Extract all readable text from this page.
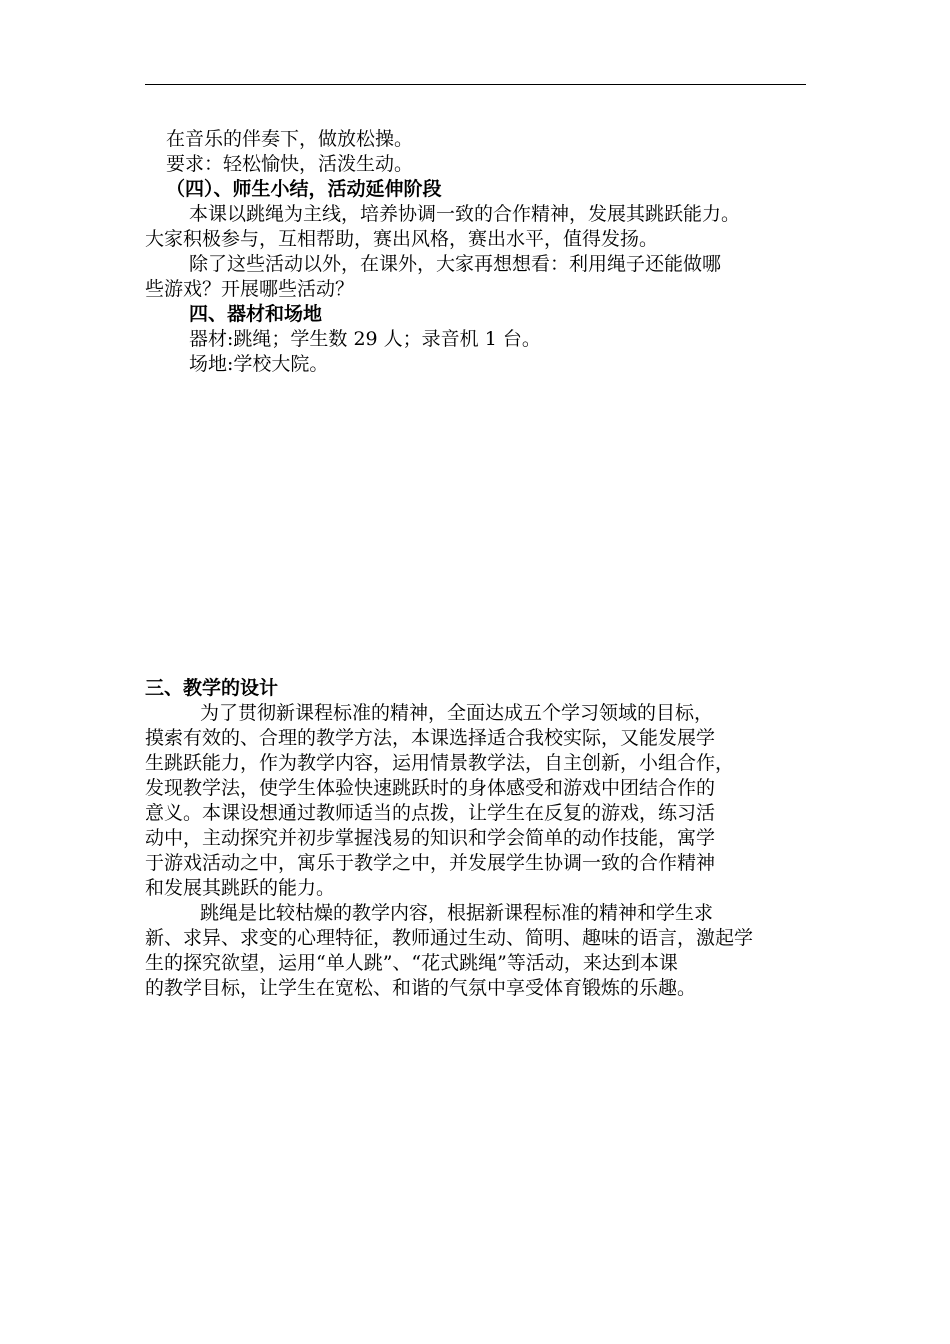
在音乐的伴奏下，做放松操。
要求：轻松愉快，活泼生动。
（四）、师生小结，活动延伸阶段
本课以跳绳为主线，培养协调一致的合作精神，发展其跳跃能力。
大家积极参与，互相帮助，赛出风格，赛出水平，值得发扬。
除了这些活动以外，在课外，大家再想想看：利用绳子还能做哪
些游戏？开展哪些活动？
四、器材和场地
器材:跳绳；学生数 29 人；录音机 1 台。
场地:学校大院。
三、教学的设计
为了贯彻新课程标准的精神，全面达成五个学习领域的目标，
摸索有效的、合理的教学方法，本课选择适合我校实际，又能发展学
生跳跃能力，作为教学内容，运用情景教学法，自主创新，小组合作，
发现教学法，使学生体验快速跳跃时的身体感受和游戏中团结合作的
意义。本课设想通过教师适当的点拨，让学生在反复的游戏，练习活
动中，主动探究并初步掌握浅易的知识和学会简单的动作技能，寓学
于游戏活动之中，寓乐于教学之中，并发展学生协调一致的合作精神
和发展其跳跃的能力。
跳绳是比较枯燥的教学内容，根据新课程标准的精神和学生求
新、求异、求变的心理特征，教师通过生动、简明、趣味的语言，激起学
生的探究欲望，运用“单人跳”、“花式跳绳”等活动，来达到本课
的教学目标，让学生在宽松、和谐的气氛中享受体育锻炼的乐趣。
